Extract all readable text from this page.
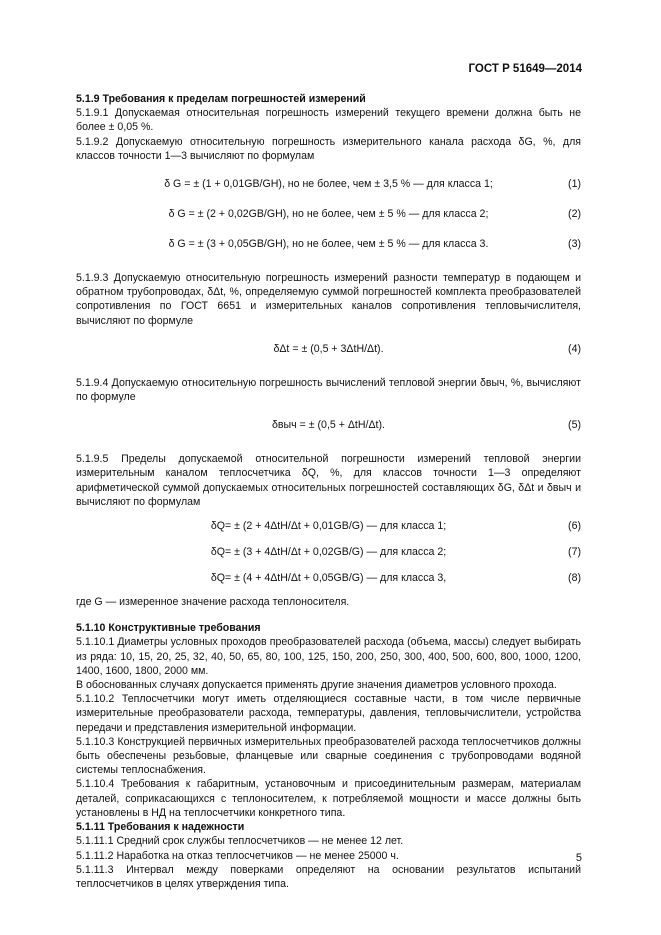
ГОСТ Р 51649—2014

5.1.9 Требования к пределам погрешностей измерений

5.1.9.1 Допускаемая относительная погрешность измерений текущего времени должна быть не более ± 0,05 %.

5.1.9.2 Допускаемую относительную погрешность измерительного канала расхода δG, %, для классов точности 1—3 вычисляют по формулам

δ G = ± (1 + 0,01GВ/GН), но не более, чем ± 3,5 % — для класса 1;	(1)
δ G = ± (2 + 0,02GВ/GН), но не более, чем ± 5 % — для класса 2;	(2)
δ G = ± (3 + 0,05GВ/GН), но не более, чем ± 5 % — для класса 3.	(3)

5.1.9.3 Допускаемую относительную погрешность измерений разности температур в подающем и обратном трубопроводах, δΔt, %, определяемую суммой погрешностей комплекта преобразователей сопротивления по ГОСТ 6651 и измерительных каналов сопротивления тепловычислителя, вычисляют по формуле

δΔt = ± (0,5 + 3ΔtН/Δt).	(4)

5.1.9.4 Допускаемую относительную погрешность вычислений тепловой энергии δвыч, %, вычисляют по формуле

δвыч = ± (0,5 + ΔtН/Δt).	(5)

5.1.9.5 Пределы допускаемой относительной погрешности измерений тепловой энергии измерительным каналом теплосчетчика δQ, %, для классов точности 1—3 определяют арифметической суммой допускаемых относительных погрешностей составляющих δG, δΔt и δвыч и вычисляют по формулам

δQ= ± (2 + 4ΔtН/Δt + 0,01GВ/G) — для класса 1;	(6)
δQ= ± (3 + 4ΔtН/Δt + 0,02GВ/G) — для класса 2;	(7)
δQ= ± (4 + 4ΔtН/Δt + 0,05GВ/G) — для класса 3,	(8)

где G — измеренное значение расхода теплоносителя.

5.1.10 Конструктивные требования

5.1.10.1 Диаметры условных проходов преобразователей расхода (объема, массы) следует выбирать из ряда: 10, 15, 20, 25, 32, 40, 50, 65, 80, 100, 125, 150, 200, 250, 300, 400, 500, 600, 800, 1000, 1200, 1400, 1600, 1800, 2000 мм.

В обоснованных случаях допускается применять другие значения диаметров условного прохода.

5.1.10.2 Теплосчетчики могут иметь отделяющиеся составные части, в том числе первичные измерительные преобразователи расхода, температуры, давления, тепловычислители, устройства передачи и представления измерительной информации.

5.1.10.3 Конструкцией первичных измерительных преобразователей расхода теплосчетчиков должны быть обеспечены резьбовые, фланцевые или сварные соединения с трубопроводами водяной системы теплоснабжения.

5.1.10.4 Требования к габаритным, установочным и присоединительным размерам, материалам деталей, соприкасающихся с теплоносителем, к потребляемой мощности и массе должны быть установлены в НД на теплосчетчики конкретного типа.

5.1.11 Требования к надежности

5.1.11.1 Средний срок службы теплосчетчиков — не менее 12 лет.

5.1.11.2 Наработка на отказ теплосчетчиков — не менее 25000 ч.

5.1.11.3 Интервал между поверками определяют на основании результатов испытаний теплосчетчиков в целях утверждения типа.

5
